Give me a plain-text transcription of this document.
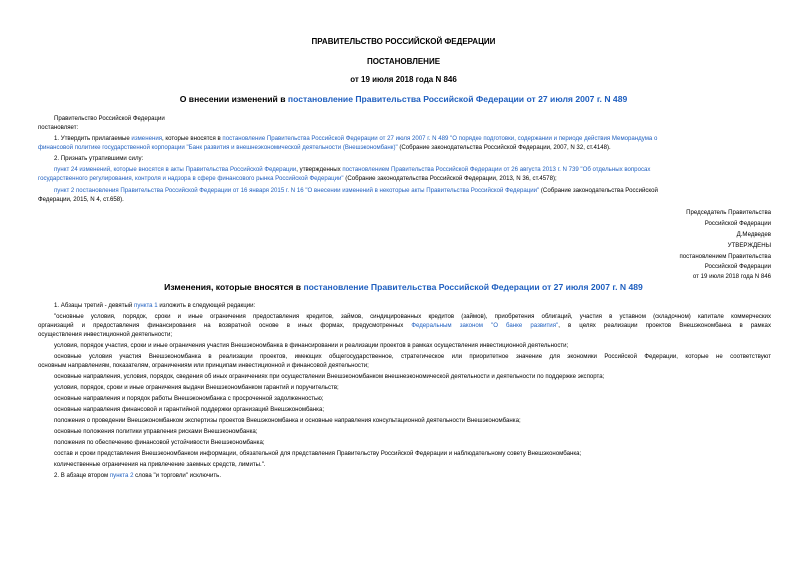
ПРАВИТЕЛЬСТВО РОССИЙСКОЙ ФЕДЕРАЦИИ
ПОСТАНОВЛЕНИЕ
от 19 июля 2018 года N 846
О внесении изменений в постановление Правительства Российской Федерации от 27 июля 2007 г. N 489
Правительство Российской Федерации
постановляет:
1. Утвердить прилагаемые изменения, которые вносятся в постановление Правительства Российской Федерации от 27 июля 2007 г. N 489 "О порядке подготовки, содержании и периоде действия Меморандума о
финансовой политике государственной корпорации "Банк развития и внешнеэкономической деятельности (Внешэкономбанк)" (Собрание законодательства Российской Федерации, 2007, N 32, ст.4148).
2. Признать утратившими силу:
пункт 24 изменений, которые вносятся в акты Правительства Российской Федерации, утвержденных постановлением Правительства Российской Федерации от 26 августа 2013 г. N 739 "Об отдельных вопросах
государственного регулирования, контроля и надзора в сфере финансового рынка Российской Федерации" (Собрание законодательства Российской Федерации, 2013, N 36, ст.4578);
пункт 2 постановления Правительства Российской Федерации от 16 января 2015 г. N 16 "О внесении изменений в некоторые акты Правительства Российской Федерации" (Собрание законодательства Российской
Федерации, 2015, N 4, ст.658).
Председатель Правительства
Российской Федерации
Д.Медведев
УТВЕРЖДЕНЫ
постановлением Правительства
Российской Федерации
от 19 июля 2018 года N 846
Изменения, которые вносятся в постановление Правительства Российской Федерации от 27 июля 2007 г. N 489
1. Абзацы третий - девятый пункта 1 изложить в следующей редакции:
"основные условия, порядок, сроки и иные ограничения предоставления кредитов, займов, синдицированных кредитов (займов), приобретения облигаций, участия в уставном (складочном) капитале коммерческих
организаций и предоставления финансирования на возвратной основе в иных формах, предусмотренных Федеральным законом "О банке развития", в целях реализации проектов Внешэкономбанка в рамках
осуществления инвестиционной деятельности;
условия, порядок участия, сроки и иные ограничения участия Внешэкономбанка в финансировании и реализации проектов в рамках осуществления инвестиционной деятельности;
основные условия участия Внешэкономбанка в реализации проектов, имеющих общегосударственное, стратегическое или приоритетное значение для экономики Российской Федерации, которые не соответствуют
основным направлениям, показателям, ограничениям или принципам инвестиционной и финансовой деятельности;
основные направления, условия, порядок, сведения об иных ограничениях при осуществлении Внешэкономбанком внешнеэкономической деятельности и деятельности по поддержке экспорта;
условия, порядок, сроки и иные ограничения выдачи Внешэкономбанком гарантий и поручительств;
основные направления и порядок работы Внешэкономбанка с просроченной задолженностью;
основные направления финансовой и гарантийной поддержки организаций Внешэкономбанка;
положения о проведении Внешэкономбанком экспертизы проектов Внешэкономбанка и основные направления консультационной деятельности Внешэкономбанка;
основные положения политики управления рисками Внешэкономбанка;
положения по обеспечению финансовой устойчивости Внешэкономбанка;
состав и сроки представления Внешэкономбанком информации, обязательной для представления Правительству Российской Федерации и наблюдательному совету Внешэкономбанка;
количественные ограничения на привлечение заемных средств, лимиты.".
2. В абзаце втором пункта 2 слова "и торговли" исключить.
